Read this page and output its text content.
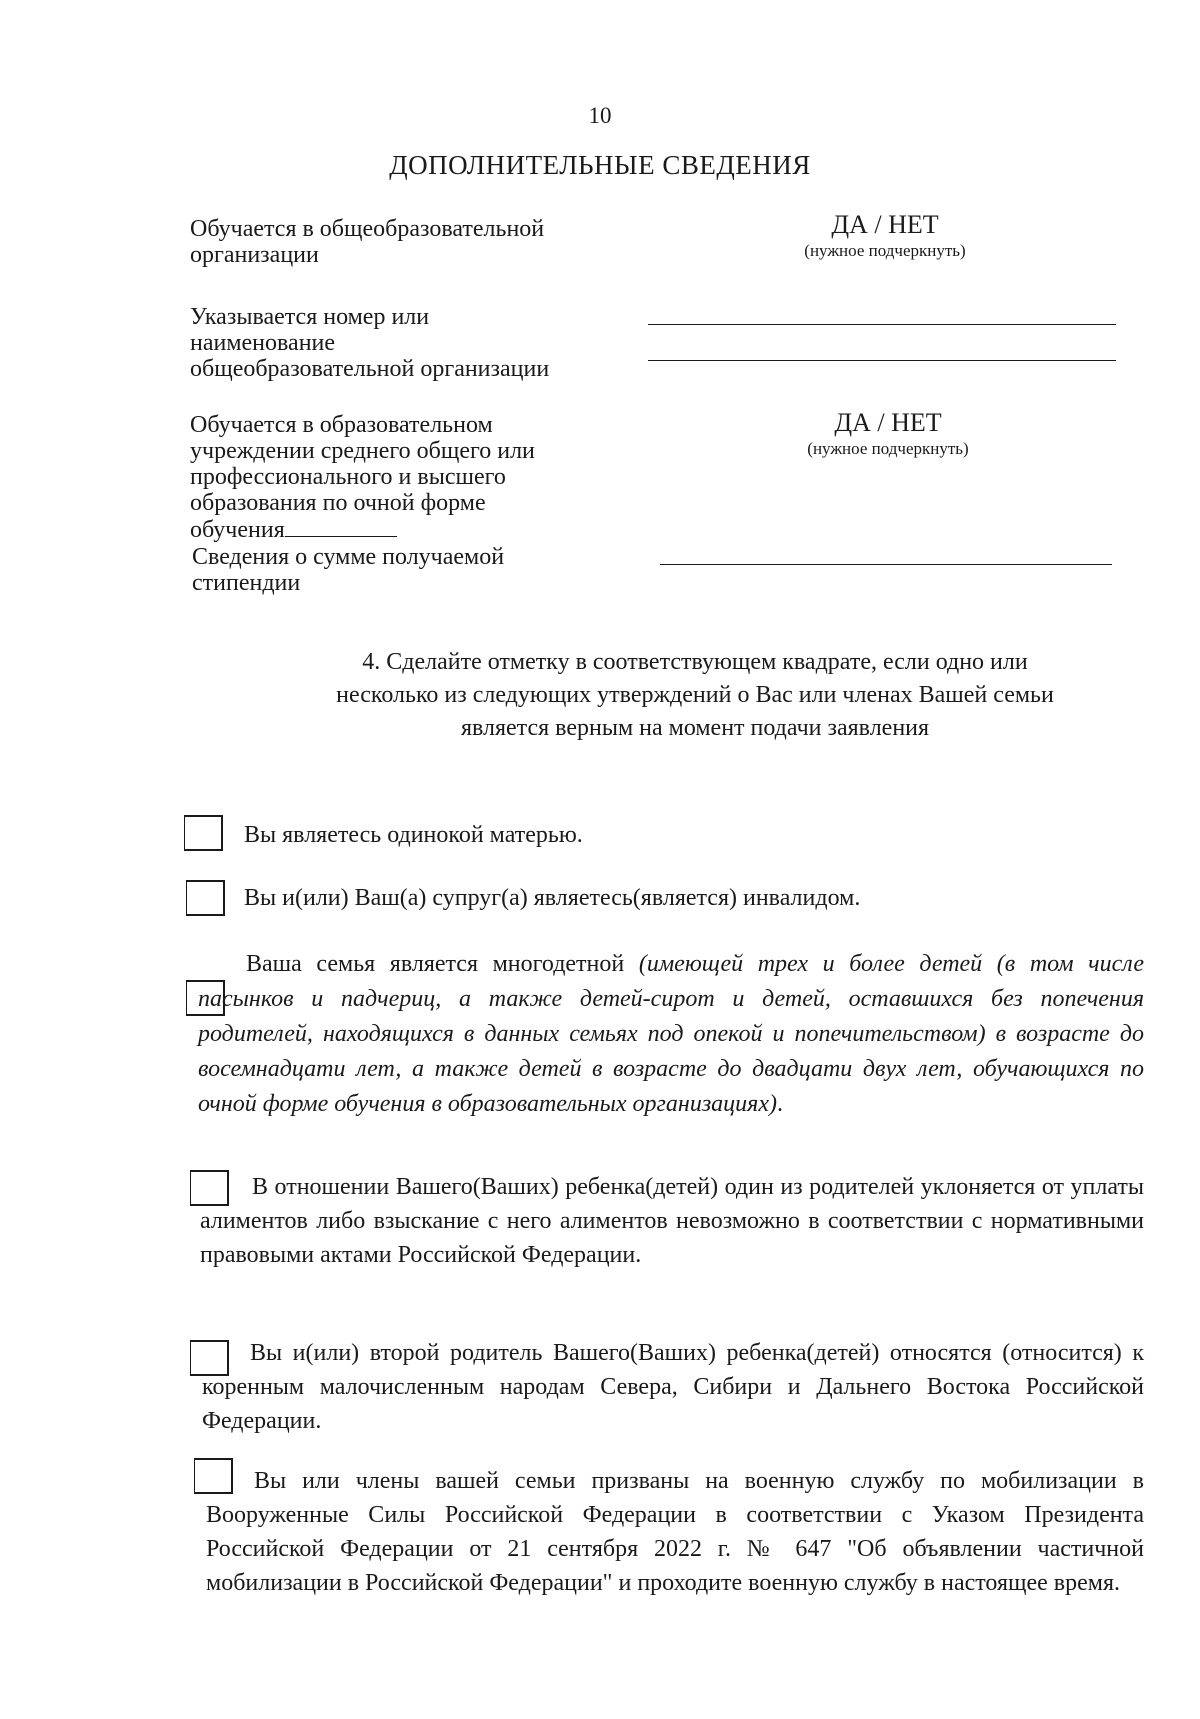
10
ДОПОЛНИТЕЛЬНЫЕ СВЕДЕНИЯ
Обучается в общеобразовательной
организации
ДА / НЕТ
(нужное подчеркнуть)
Указывается номер или
наименование
общеобразовательной организации
Обучается в образовательном
учреждении среднего общего или
профессионального и высшего
образования по очной форме
обучения
ДА / НЕТ
(нужное подчеркнуть)
Сведения о сумме получаемой
стипендии
4. Сделайте отметку в соответствующем квадрате, если одно или
несколько из следующих утверждений о Вас или членах Вашей семьи
является верным на момент подачи заявления
Вы являетесь одинокой матерью.
Вы и(или) Ваш(а) супруг(а) являетесь(является) инвалидом.
Ваша семья является многодетной (имеющей трех и более детей (в том числе пасынков и падчериц, а также детей-сирот и детей, оставшихся без попечения родителей, находящихся в данных семьях под опекой и попечительством) в возрасте до восемнадцати лет, а также детей в возрасте до двадцати двух лет, обучающихся по очной форме обучения в образовательных организациях).
В отношении Вашего(Ваших) ребенка(детей) один из родителей уклоняется от уплаты алиментов либо взыскание с него алиментов невозможно в соответствии с нормативными правовыми актами Российской Федерации.
Вы и(или) второй родитель Вашего(Ваших) ребенка(детей) относятся (относится) к коренным малочисленным народам Севера, Сибири и Дальнего Востока Российской Федерации.
Вы или члены вашей семьи призваны на военную службу по мобилизации в Вооруженные Силы Российской Федерации в соответствии с Указом Президента Российской Федерации от 21 сентября 2022 г. № 647 "Об объявлении частичной мобилизации в Российской Федерации" и проходите военную службу в настоящее время.
